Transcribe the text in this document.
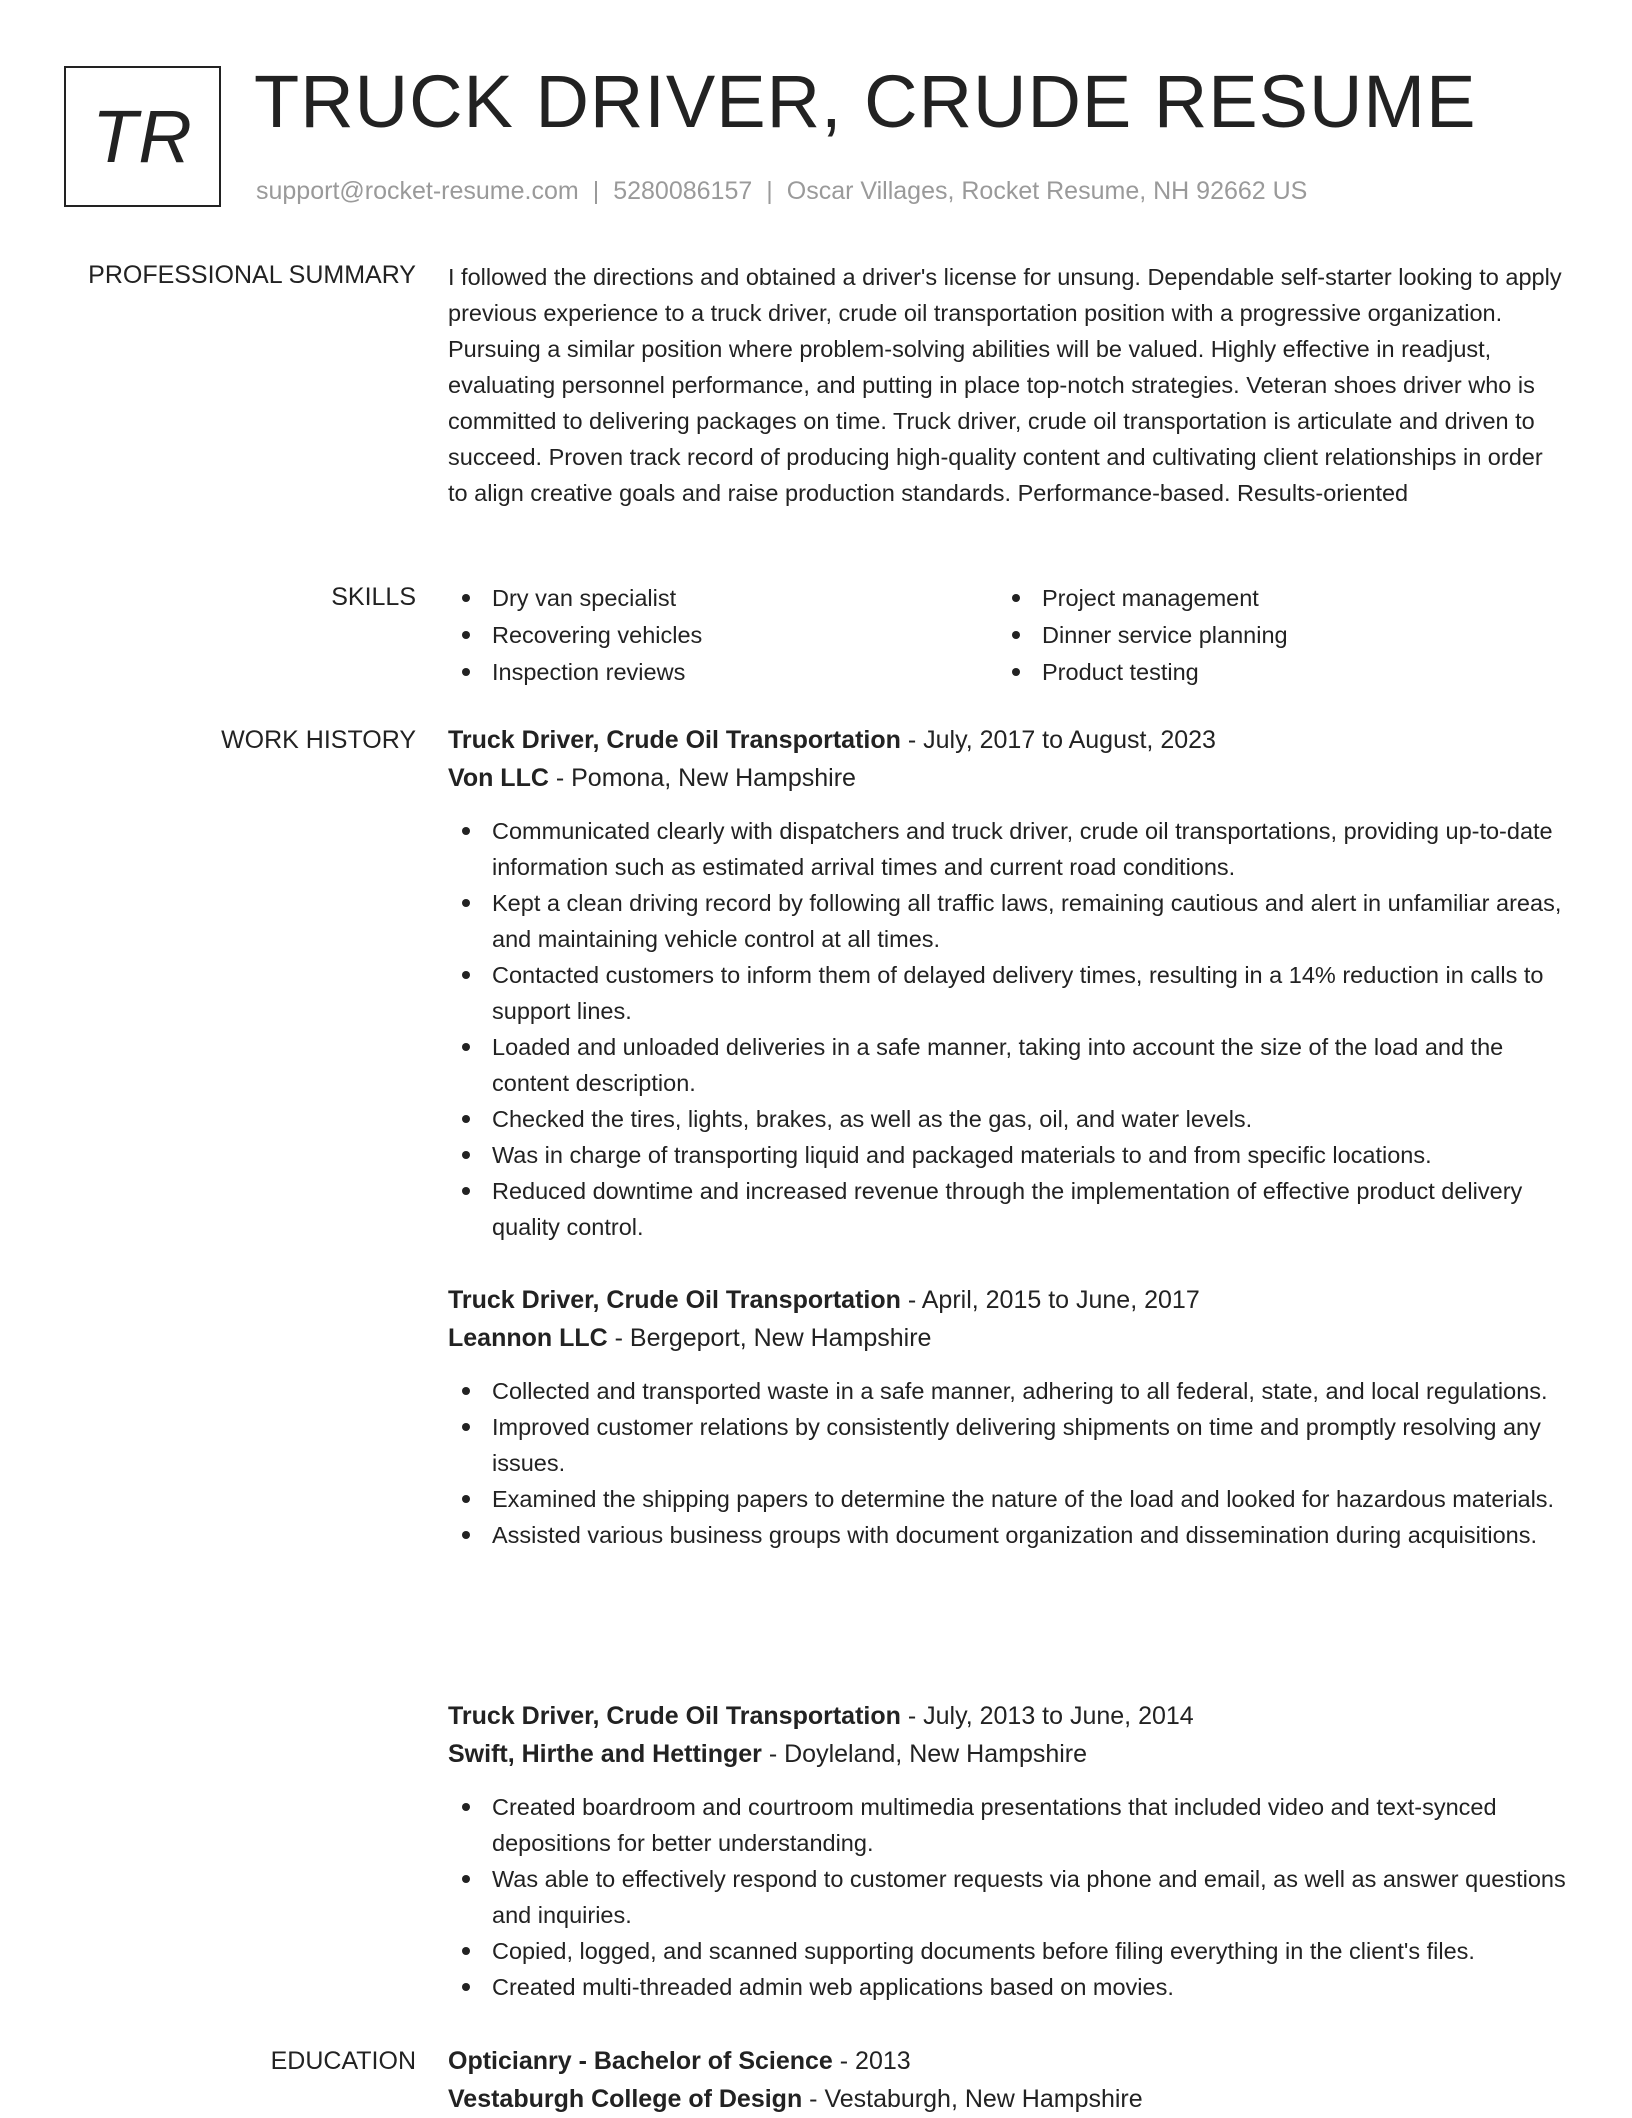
TR TRUCK DRIVER, CRUDE RESUME
support@rocket-resume.com | 5280086157 | Oscar Villages, Rocket Resume, NH 92662 US
PROFESSIONAL SUMMARY I followed the directions and obtained a driver's license for unsung. Dependable self-starter looking to apply previous experience to a truck driver, crude oil transportation position with a progressive organization. Pursuing a similar position where problem-solving abilities will be valued. Highly effective in readjust, evaluating personnel performance, and putting in place top-notch strategies. Veteran shoes driver who is committed to delivering packages on time. Truck driver, crude oil transportation is articulate and driven to succeed. Proven track record of producing high-quality content and cultivating client relationships in order to align creative goals and raise production standards. Performance-based. Results-oriented

SKILLS	Dry van specialist
Recovering vehicles
Inspection reviews
Project management
Dinner service planning
Product testing
WORK HISTORY Truck Driver, Crude Oil Transportation - July, 2017 to August, 2023
Von LLC - Pomona, New Hampshire
Communicated clearly with dispatchers and truck driver, crude oil transportations, providing up-to-date information such as estimated arrival times and current road conditions.
Kept a clean driving record by following all traffic laws, remaining cautious and alert in unfamiliar areas, and maintaining vehicle control at all times.
Contacted customers to inform them of delayed delivery times, resulting in a 14% reduction in calls to support lines.
Loaded and unloaded deliveries in a safe manner, taking into account the size of the load and the content description.
Checked the tires, lights, brakes, as well as the gas, oil, and water levels.
Was in charge of transporting liquid and packaged materials to and from specific locations.
Reduced downtime and increased revenue through the implementation of effective product delivery quality control.
Truck Driver, Crude Oil Transportation - April, 2015 to June, 2017
Leannon LLC - Bergeport, New Hampshire
Collected and transported waste in a safe manner, adhering to all federal, state, and local regulations.
Improved customer relations by consistently delivering shipments on time and promptly resolving any issues.
Examined the shipping papers to determine the nature of the load and looked for hazardous materials.
Assisted various business groups with document organization and dissemination during acquisitions.
Truck Driver, Crude Oil Transportation - July, 2013 to June, 2014
Swift, Hirthe and Hettinger - Doyleland, New Hampshire
Created boardroom and courtroom multimedia presentations that included video and text-synced depositions for better understanding.
Was able to effectively respond to customer requests via phone and email, as well as answer questions and inquiries.
Copied, logged, and scanned supporting documents before filing everything in the client's files.
Created multi-threaded admin web applications based on movies.
EDUCATION Opticianry - Bachelor of Science - 2013
Vestaburgh College of Design - Vestaburgh, New Hampshire
